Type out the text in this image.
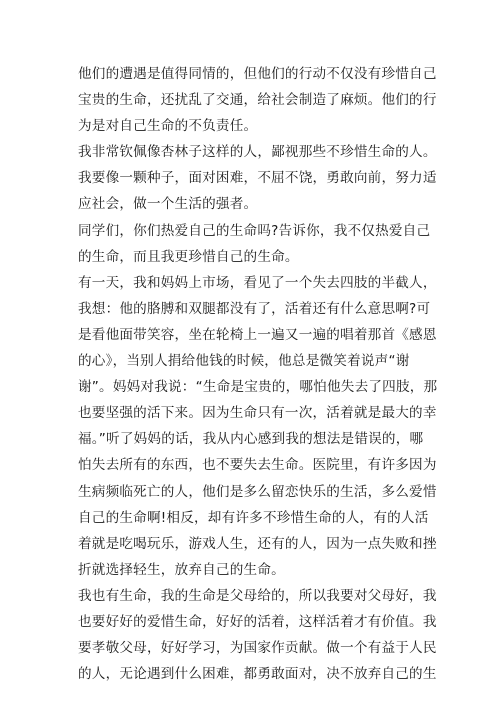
他们的遭遇是值得同情的，但他们的行动不仅没有珍惜自己
宝贵的生命，还扰乱了交通，给社会制造了麻烦。他们的行
为是对自己生命的不负责任。
我非常钦佩像杏林子这样的人，鄙视那些不珍惜生命的人。
我要像一颗种子，面对困难，不屈不饶，勇敢向前，努力适
应社会，做一个生活的强者。
同学们，你们热爱自己的生命吗?告诉你，我不仅热爱自己
的生命，而且我更珍惜自己的生命。
有一天，我和妈妈上市场，看见了一个失去四肢的半截人，
我想：他的胳膊和双腿都没有了，活着还有什么意思啊?可
是看他面带笑容，坐在轮椅上一遍又一遍的唱着那首《感恩
的心》，当别人捐给他钱的时候，他总是微笑着说声“谢
谢”。妈妈对我说：“生命是宝贵的，哪怕他失去了四肢，那
也要坚强的活下来。因为生命只有一次，活着就是最大的幸
福。”听了妈妈的话，我从内心感到我的想法是错误的，哪
怕失去所有的东西，也不要失去生命。医院里，有许多因为
生病频临死亡的人，他们是多么留恋快乐的生活，多么爱惜
自己的生命啊!相反，却有许多不珍惜生命的人，有的人活
着就是吃喝玩乐，游戏人生，还有的人，因为一点失败和挫
折就选择轻生，放弃自己的生命。
我也有生命，我的生命是父母给的，所以我要对父母好，我
也要好好的爱惜生命，好好的活着，这样活着才有价值。我
要孝敬父母，好好学习，为国家作贡献。做一个有益于人民
的人，无论遇到什么困难，都勇敢面对，决不放弃自己的生
